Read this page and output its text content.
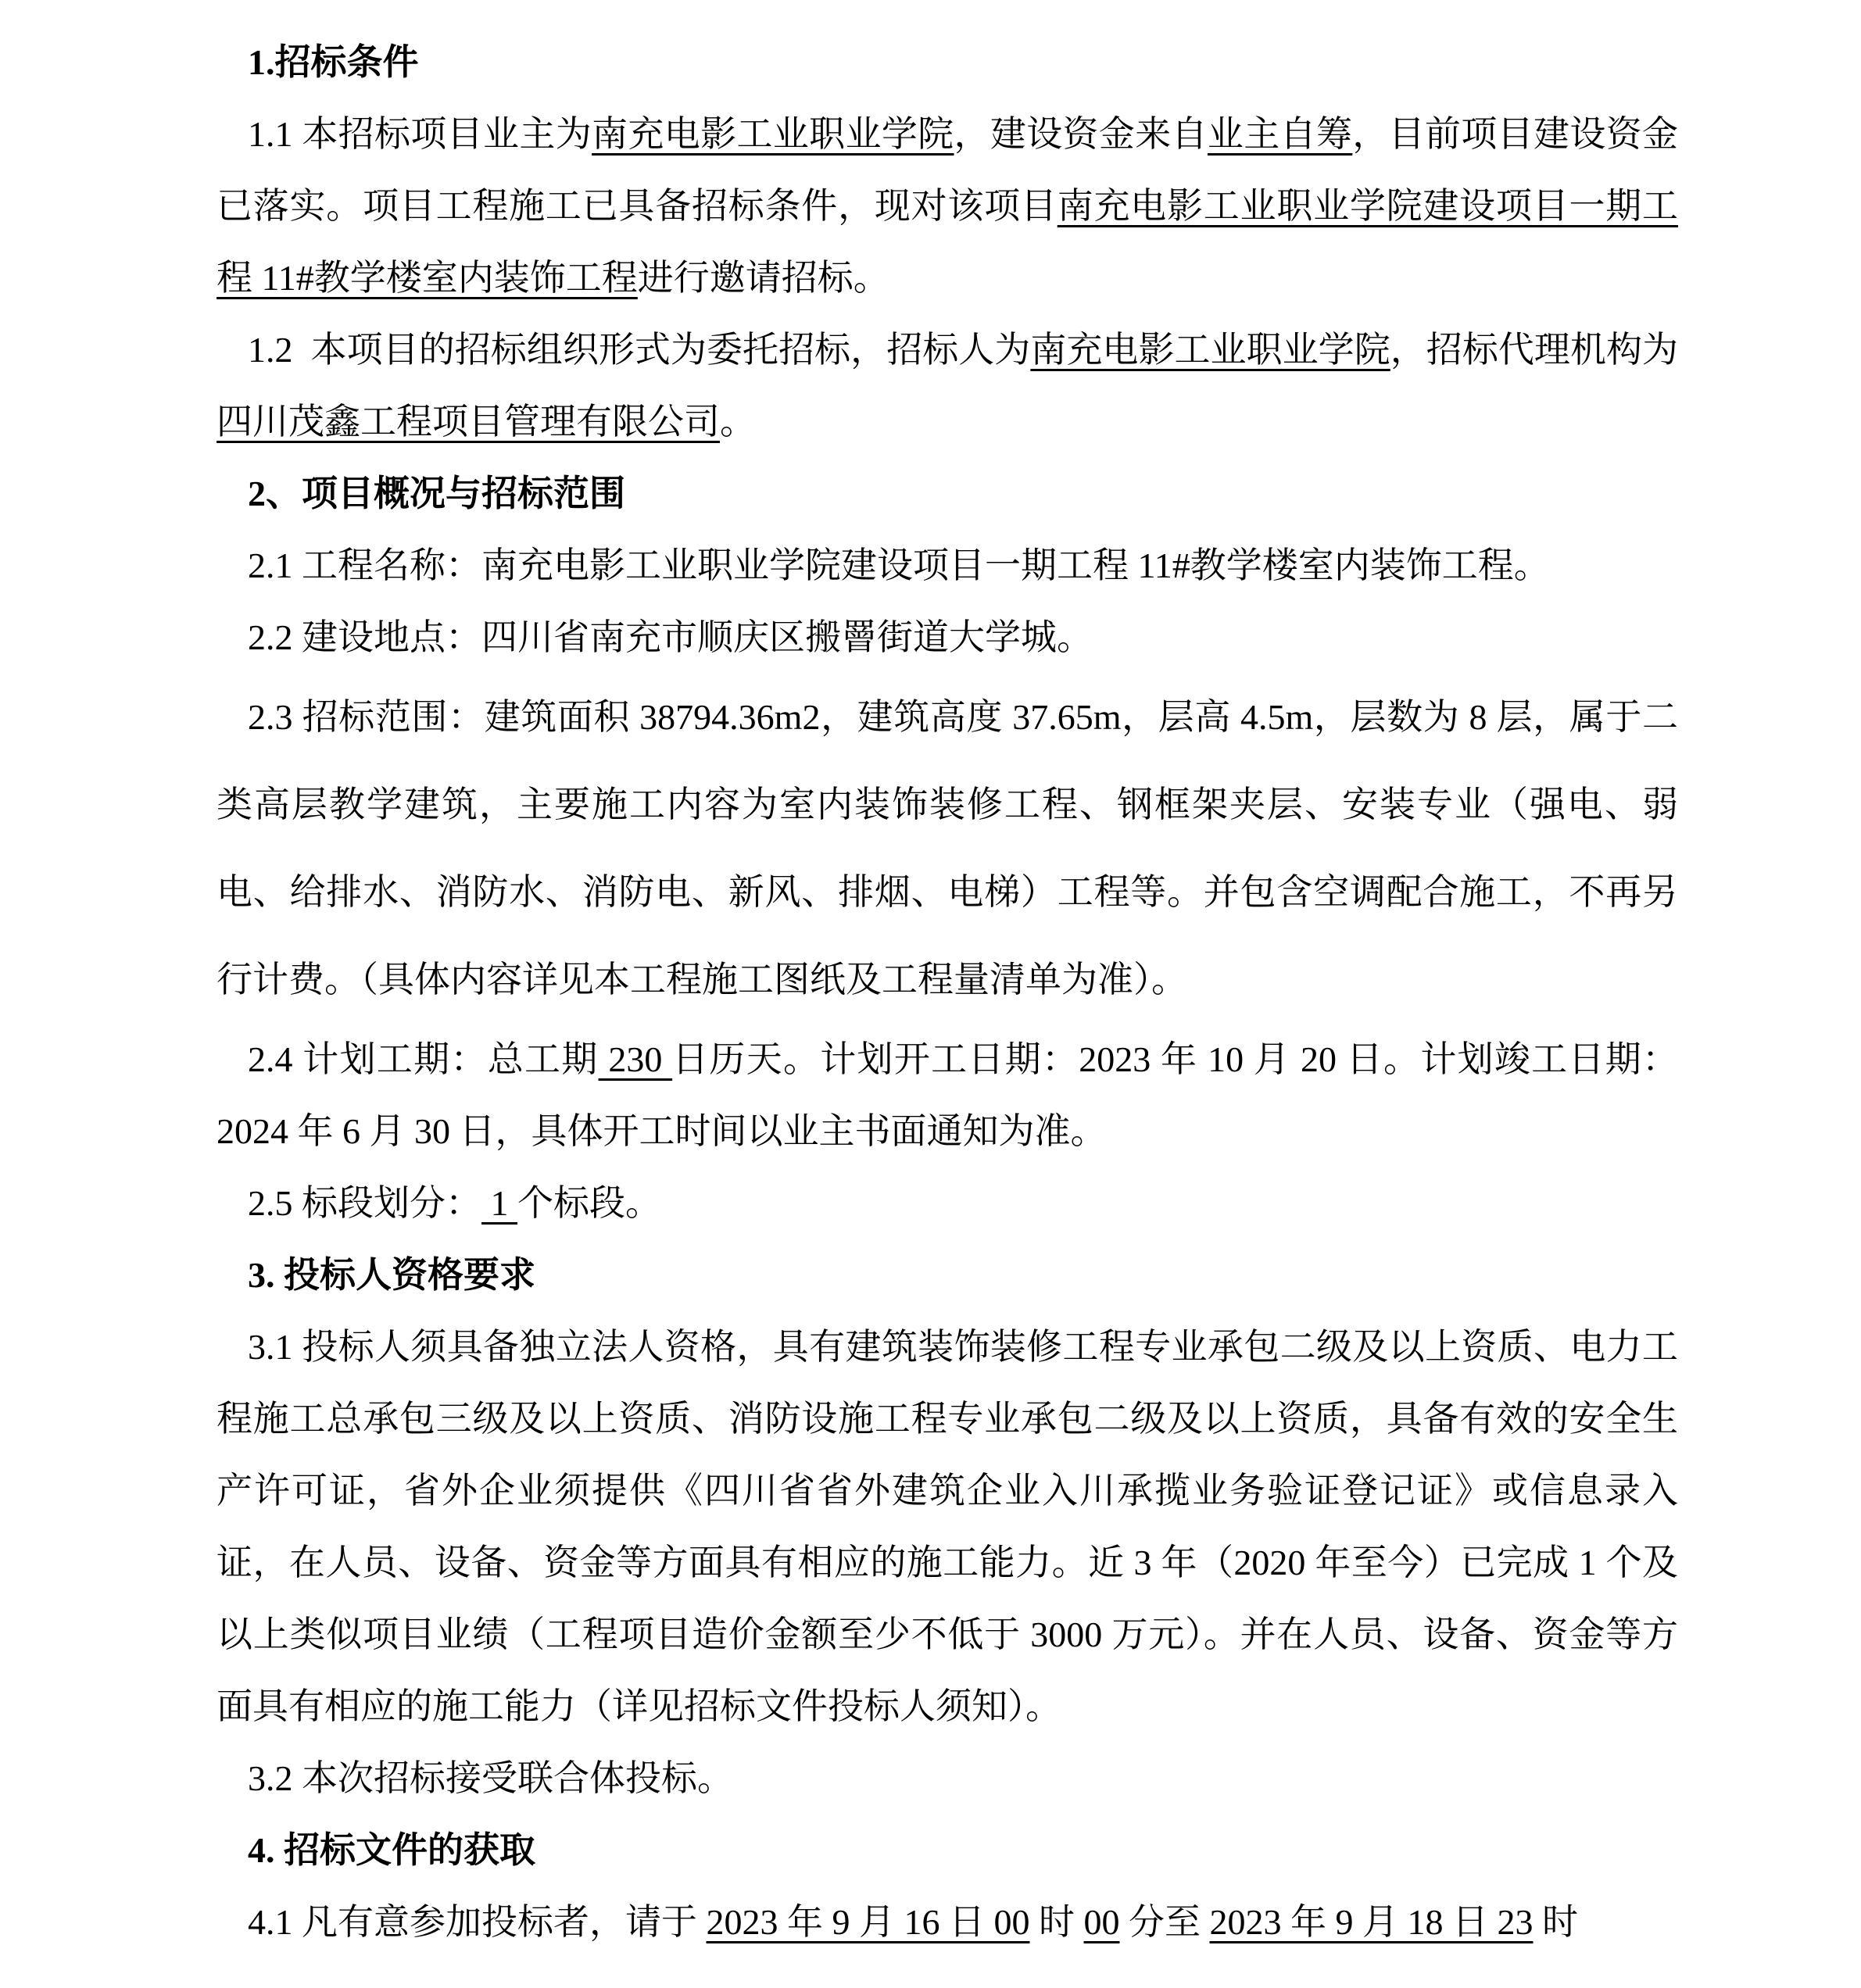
1.招标条件

1.1 本招标项目业主为南充电影工业职业学院，建设资金来自业主自筹，目前项目建设资金已落实。项目工程施工已具备招标条件，现对该项目南充电影工业职业学院建设项目一期工程 11#教学楼室内装饰工程进行邀请招标。

1.2  本项目的招标组织形式为委托招标，招标人为南充电影工业职业学院，招标代理机构为四川茂鑫工程项目管理有限公司。

2、项目概况与招标范围

2.1 工程名称：南充电影工业职业学院建设项目一期工程 11#教学楼室内装饰工程。

2.2 建设地点：四川省南充市顺庆区搬罾街道大学城。

2.3 招标范围：建筑面积 38794.36m2，建筑高度 37.65m，层高 4.5m，层数为 8 层，属于二类高层教学建筑，主要施工内容为室内装饰装修工程、钢框架夹层、安装专业（强电、弱电、给排水、消防水、消防电、新风、排烟、电梯）工程等。并包含空调配合施工，不再另行计费。（具体内容详见本工程施工图纸及工程量清单为准）。

2.4 计划工期：总工期 230 日历天。计划开工日期：2023 年 10 月 20 日。计划竣工日期：2024 年 6 月 30 日，具体开工时间以业主书面通知为准。

2.5 标段划分： 1 个标段。

3. 投标人资格要求

3.1 投标人须具备独立法人资格，具有建筑装饰装修工程专业承包二级及以上资质、电力工程施工总承包三级及以上资质、消防设施工程专业承包二级及以上资质，具备有效的安全生产许可证，省外企业须提供《四川省省外建筑企业入川承揽业务验证登记证》或信息录入证，在人员、设备、资金等方面具有相应的施工能力。近 3 年（2020 年至今）已完成 1 个及以上类似项目业绩（工程项目造价金额至少不低于 3000 万元）。并在人员、设备、资金等方面具有相应的施工能力（详见招标文件投标人须知）。

3.2 本次招标接受联合体投标。

4. 招标文件的获取

4.1 凡有意参加投标者，请于 2023 年 9 月 16 日 00 时 00 分至 2023 年 9 月 18 日 23 时
